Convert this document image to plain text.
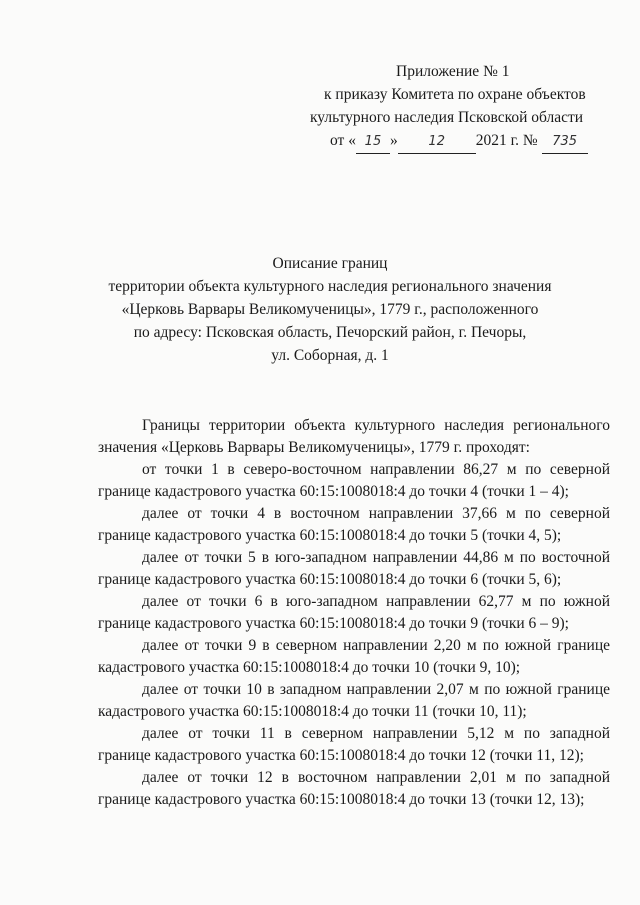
Приложение № 1
к приказу Комитета по охране объектов
культурного наследия Псковской области
от « 15 » 12 2021 г. № 735
Описание границ
территории объекта культурного наследия регионального значения
«Церковь Варвары Великомученицы», 1779 г., расположенного
по адресу: Псковская область, Печорский район, г. Печоры,
ул. Соборная, д. 1
Границы территории объекта культурного наследия регионального
значения «Церковь Варвары Великомученицы», 1779 г. проходят:
от точки 1 в северо-восточном направлении 86,27 м по северной
границе кадастрового участка 60:15:1008018:4 до точки 4 (точки 1 – 4);
далее от точки 4 в восточном направлении 37,66 м по северной
границе кадастрового участка 60:15:1008018:4 до точки 5 (точки 4, 5);
далее от точки 5 в юго-западном направлении 44,86 м по восточной
границе кадастрового участка 60:15:1008018:4 до точки 6 (точки 5, 6);
далее от точки 6 в юго-западном направлении 62,77 м по южной
границе кадастрового участка 60:15:1008018:4 до точки 9 (точки 6 – 9);
далее от точки 9 в северном направлении 2,20 м по южной границе
кадастрового участка 60:15:1008018:4 до точки 10 (точки 9, 10);
далее от точки 10 в западном направлении 2,07 м по южной границе
кадастрового участка 60:15:1008018:4 до точки 11 (точки 10, 11);
далее от точки 11 в северном направлении 5,12 м по западной
границе кадастрового участка 60:15:1008018:4 до точки 12 (точки 11, 12);
далее от точки 12 в восточном направлении 2,01 м по западной
границе кадастрового участка 60:15:1008018:4 до точки 13 (точки 12, 13);
